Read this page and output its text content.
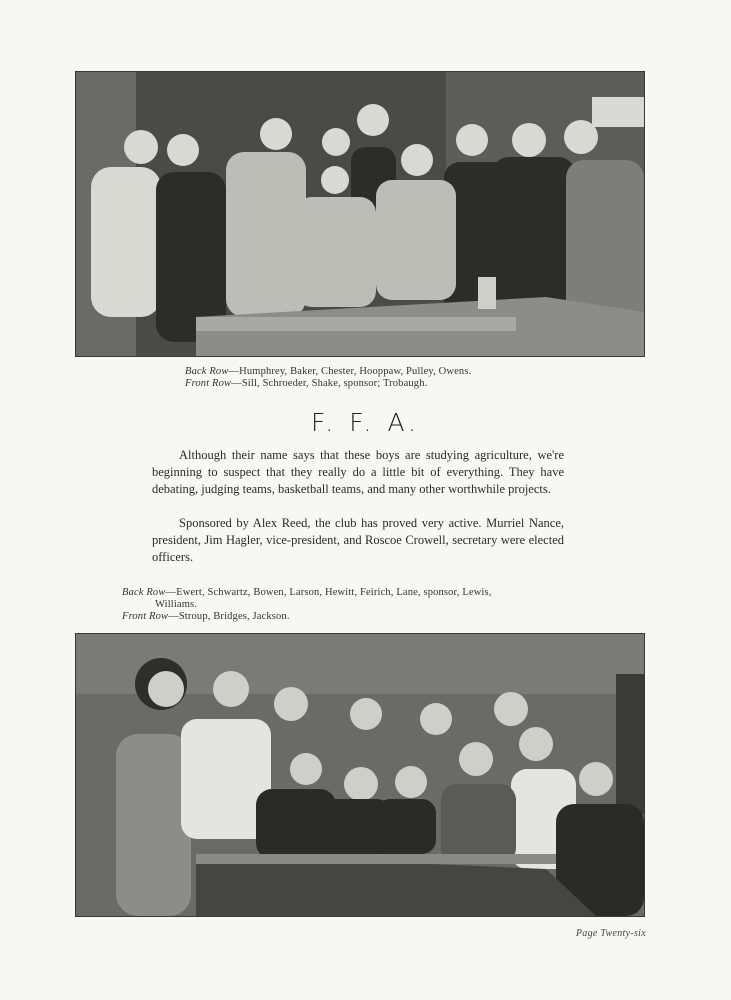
Back Row—Humphrey, Baker, Chester, Hooppaw, Pulley, Owens.
Front Row—Sill, Schroeder, Shake, sponsor; Trobaugh.
F. F. A.

Although their name says that these boys are studying agriculture, we're beginning to suspect that they really do a little bit of everything. They have debating, judging teams, basketball teams, and many other worthwhile projects.

Sponsored by Alex Reed, the club has proved very active. Murriel Nance, president, Jim Hagler, vice-president, and Roscoe Crowell, secretary were elected officers.

Back Row—Ewert, Schwartz, Bowen, Larson, Hewitt, Feirich, Lane, sponsor, Lewis,
Williams.
Front Row—Stroup, Bridges, Jackson.
Page Twenty-six
